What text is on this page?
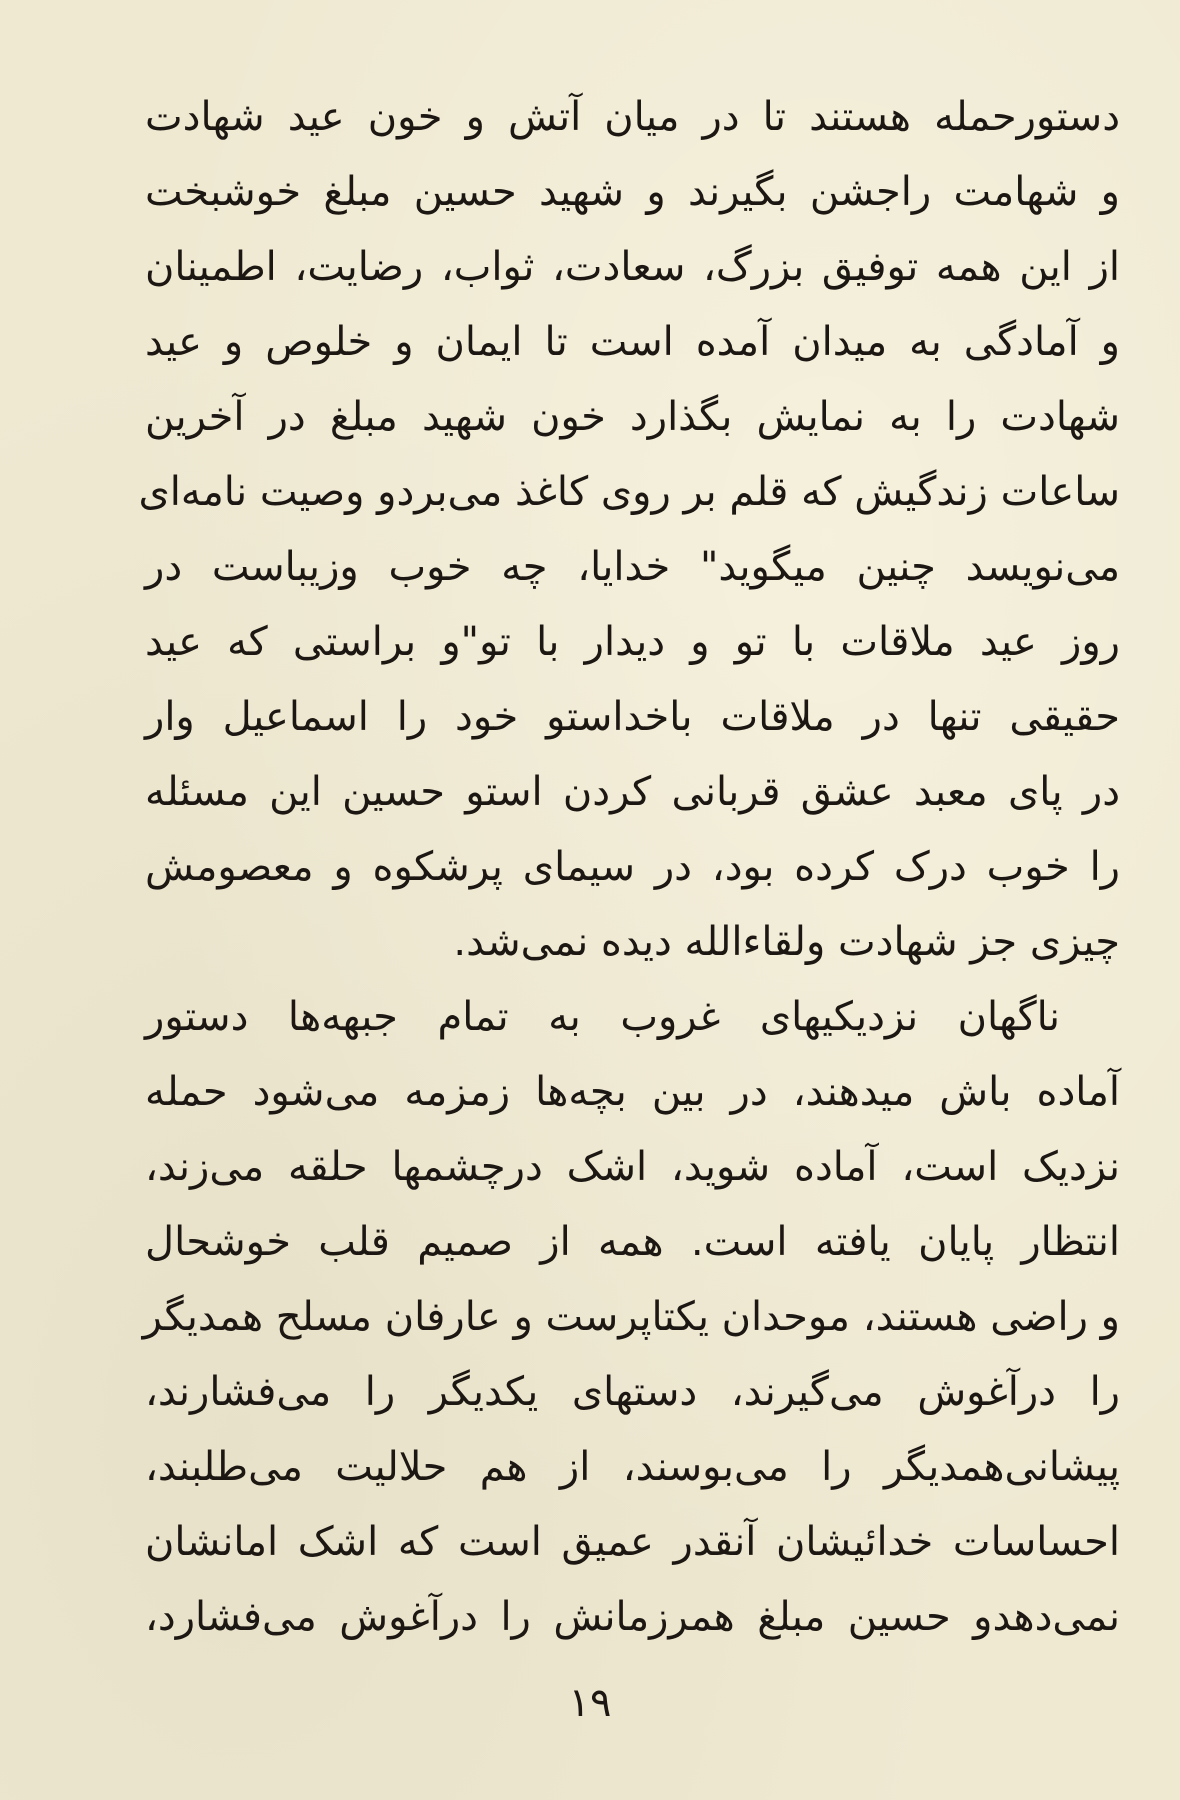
دستورحمله هستند تا در میان آتش و خون عید شهادت
و شهامت راجشن بگیرند و شهید حسین مبلغ خوشبخت
از این همه توفیق بزرگ، سعادت، ثواب، رضایت، اطمینان
و آمادگی به میدان آمده است تا ایمان و خلوص و عید
شهادت را به نمایش بگذارد خون شهید مبلغ در آخرین
ساعات زندگیش که قلم بر روی کاغذ می‌بردو وصیت نامه‌ای
می‌نویسد چنین میگوید" خدایا، چه خوب وزیباست در
روز عید ملاقات با تو و دیدار با تو"و براستی که عید
حقیقی تنها در ملاقات باخداستو خود را اسماعیل وار
در پای معبد عشق قربانی کردن استو حسین این مسئله
را خوب درک کرده بود، در سیمای پرشکوه و معصومش
چیزی جز شهادت ولقاءالله دیده نمی‌شد.
ناگهان نزدیکیهای غروب به تمام جبهه‌ها دستور
آماده باش میدهند، در بین بچه‌ها زمزمه می‌شود حمله
نزدیک است، آماده شوید، اشک درچشمها حلقه می‌زند،
انتظار پایان یافته است. همه از صمیم قلب خوشحال
و راضی هستند، موحدان یکتاپرست و عارفان مسلح همدیگر
را درآغوش می‌گیرند، دستهای یکدیگر را می‌فشارند،
پیشانی‌همدیگر را می‌بوسند، از هم حلالیت می‌طلبند،
احساسات خدائیشان آنقدر عمیق است که اشک امانشان
نمی‌دهدو حسین مبلغ همرزمانش را درآغوش می‌فشارد،
۱۹
